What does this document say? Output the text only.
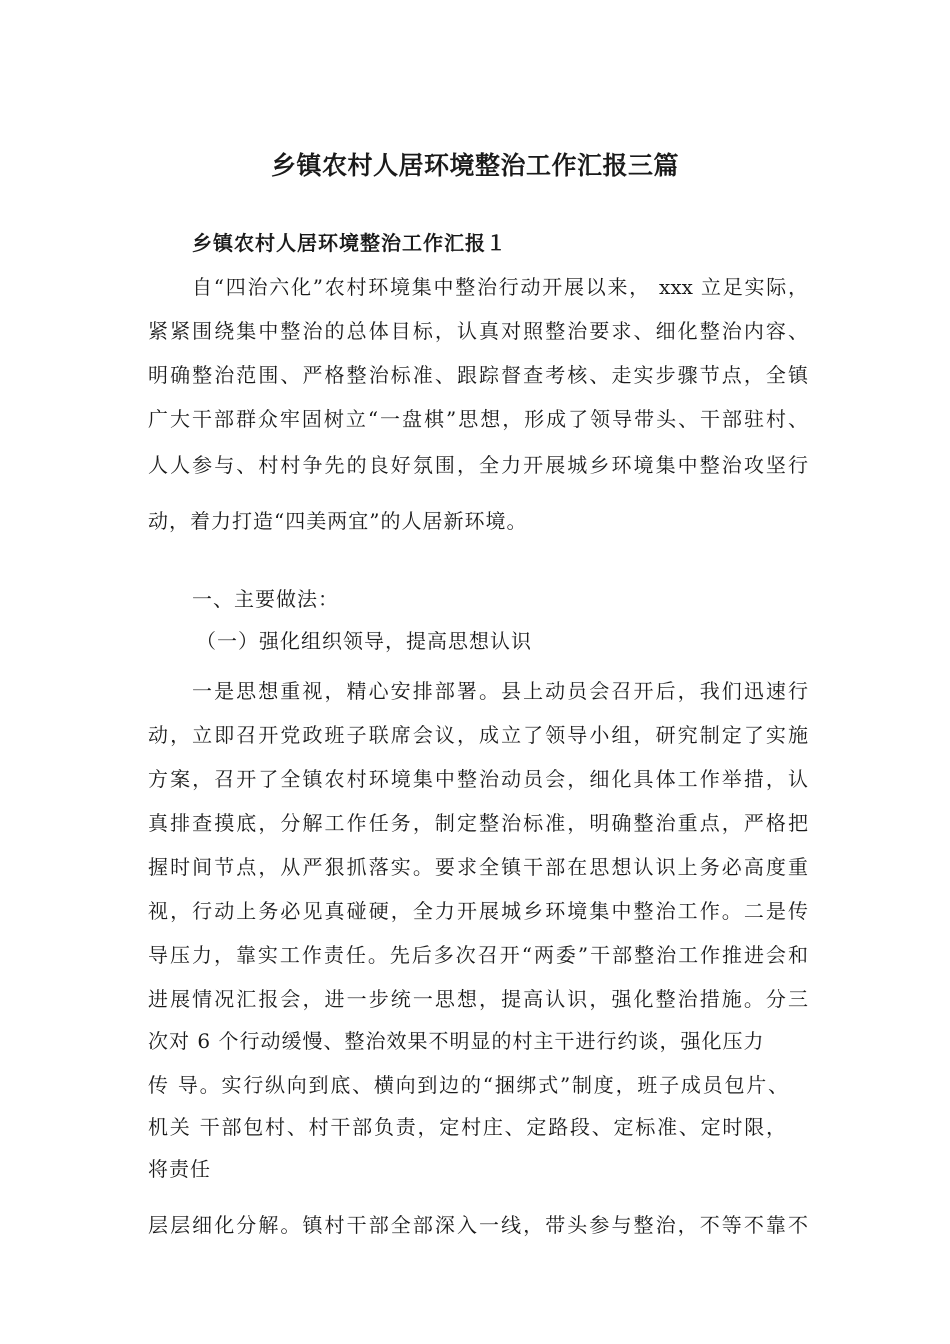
乡镇农村人居环境整治工作汇报三篇
乡镇农村人居环境整治工作汇报１
自“四治六化”农村环境集中整治行动开展以来， xxx 立足实际，
紧紧围绕集中整治的总体目标，认真对照整治要求、细化整治内容、
明确整治范围、严格整治标准、跟踪督查考核、走实步骤节点，全镇
广大干部群众牢固树立“一盘棋”思想，形成了领导带头、干部驻村、
人人参与、村村争先的良好氛围，全力开展城乡环境集中整治攻坚行
动，着力打造“四美两宜”的人居新环境。
一、主要做法：
（一）强化组织领导，提高思想认识
一是思想重视，精心安排部署。县上动员会召开后，我们迅速行
动，立即召开党政班子联席会议，成立了领导小组，研究制定了实施
方案，召开了全镇农村环境集中整治动员会，细化具体工作举措，认
真排查摸底，分解工作任务，制定整治标准，明确整治重点，严格把
握时间节点，从严狠抓落实。要求全镇干部在思想认识上务必高度重
视，行动上务必见真碰硬，全力开展城乡环境集中整治工作。二是传
导压力，靠实工作责任。先后多次召开“两委”干部整治工作推进会和
进展情况汇报会，进一步统一思想，提高认识，强化整治措施。分三
次对 6 个行动缓慢、整治效果不明显的村主干进行约谈，强化压力
传 导。实行纵向到底、横向到边的“捆绑式”制度，班子成员包片、
机关 干部包村、村干部负责，定村庄、定路段、定标准、定时限，
将责任
层层细化分解。镇村干部全部深入一线，带头参与整治，不等不靠不
